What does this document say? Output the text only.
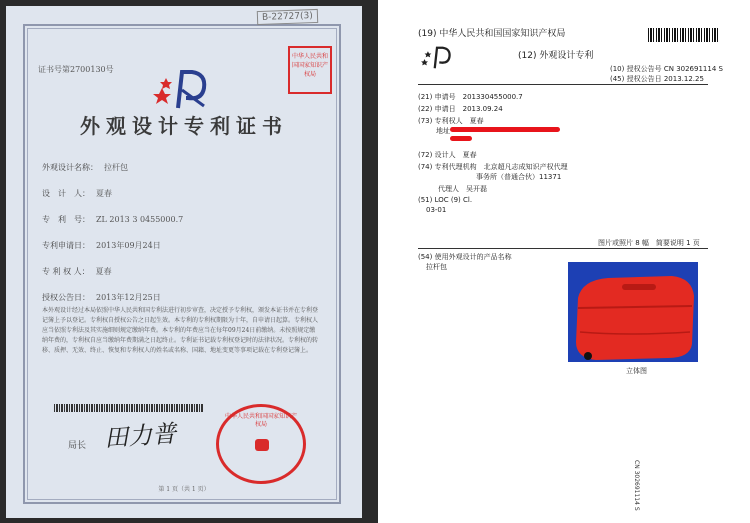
B-22727(3)
证书号第2700130号
中华人民共和国国家知识产权局
外观设计专利证书
外观设计名称： 拉杆包
设　计　人： 夏春
专　利　号： ZL 2013 3 0455000.7
专利申请日： 2013年09月24日
专 利 权 人： 夏春
授权公告日： 2013年12月25日
本外观设计经过本局依照中华人民共和国专利法进行初步审查，决定授予专利权，颁发本证书并在专利登记簿上予以登记。专利权自授权公告之日起生效。本专利的专利权期限为十年，自申请日起算。专利权人应当依照专利法及其实施细则规定缴纳年费。本专利的年费应当在每年09月24日前缴纳。未按照规定缴纳年费的，专利权自应当缴纳年费期满之日起终止。专利证书记载专利权登记时的法律状况。专利权的转移、质押、无效、终止、恢复和专利权人的姓名或名称、国籍、地址变更等事项记载在专利登记簿上。
局长 田力普
中华人民共和国国家知识产权局
第 1 页（共 1 页）
(19) 中华人民共和国国家知识产权局
(12) 外观设计专利
(10) 授权公告号 CN 302691114 S
(45) 授权公告日 2013.12.25
(21) 申请号　 201330455000.7
(22) 申请日　 2013.09.24
(73) 专利权人　 夏春
地址
(72) 设计人　 夏春
(74) 专利代理机构　 北京超凡志成知识产权代理
事务所（普通合伙）11371
代理人　 吴开磊
(51) LOC (9) Cl.
03-01
图片或照片 8 幅　简要说明 1 页
(54) 使用外观设计的产品名称
拉杆包
立体图
CN 302691114 S
